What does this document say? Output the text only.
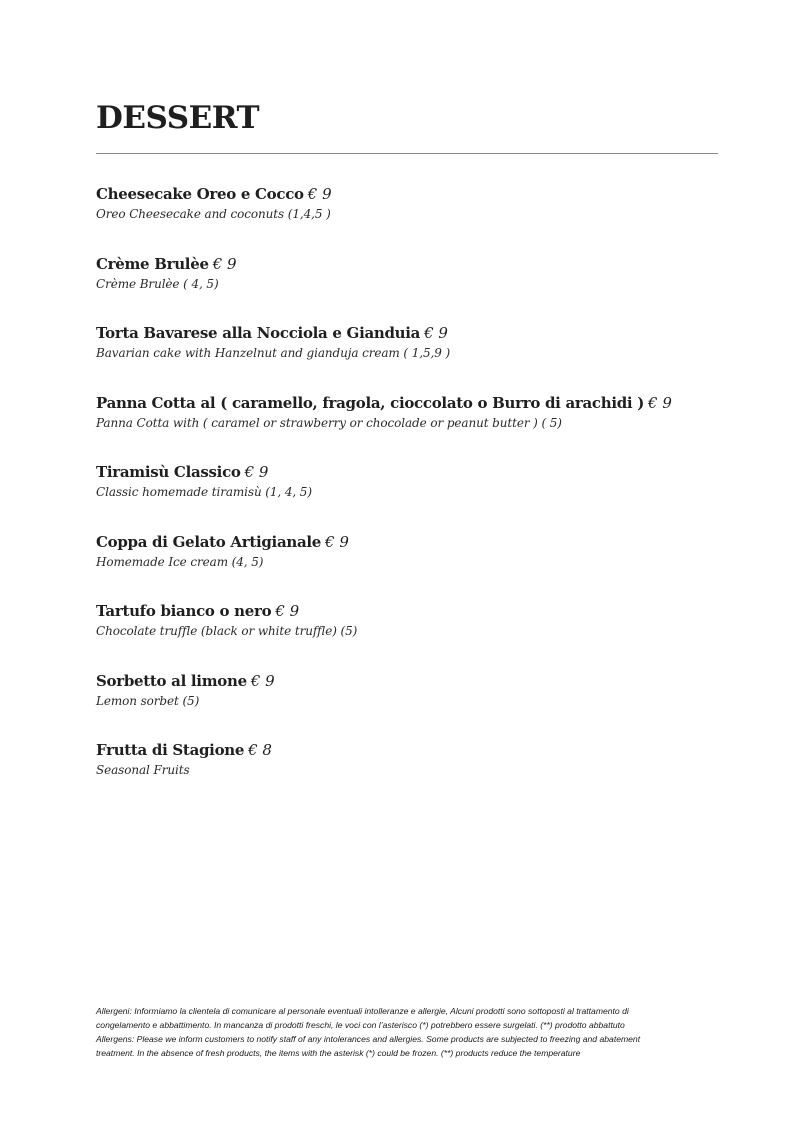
DESSERT
Cheesecake Oreo e Cocco € 9
Oreo Cheesecake and coconuts (1,4,5 )
Crème Brulèe € 9
Crème Brulèe ( 4, 5)
Torta Bavarese alla Nocciola e Gianduia € 9
Bavarian cake with Hanzelnut and gianduja cream ( 1,5,9 )
Panna Cotta al ( caramello, fragola, cioccolato o Burro di arachidi ) € 9
Panna Cotta with ( caramel or strawberry or chocolade or peanut butter ) ( 5)
Tiramisù Classico € 9
Classic homemade tiramisù (1, 4, 5)
Coppa di Gelato Artigianale € 9
Homemade Ice cream (4, 5)
Tartufo bianco o nero € 9
Chocolate truffle (black or white truffle) (5)
Sorbetto al limone € 9
Lemon sorbet (5)
Frutta di Stagione € 8
Seasonal Fruits
Allergeni: Informiamo la clientela di comunicare al personale eventuali intolleranze e allergie, Alcuni prodotti sono sottoposti al trattamento di
congelamento e abbattimento. In mancanza di prodotti freschi, le voci con l’asterisco (*) potrebbero essere surgelati. (**) prodotto abbattuto
Allergens: Please we inform customers to notify staff of any intolerances and allergies. Some products are subjected to freezing and abatement
treatment. In the absence of fresh products, the items with the asterisk (*) could be frozen. (**) products reduce the temperature
